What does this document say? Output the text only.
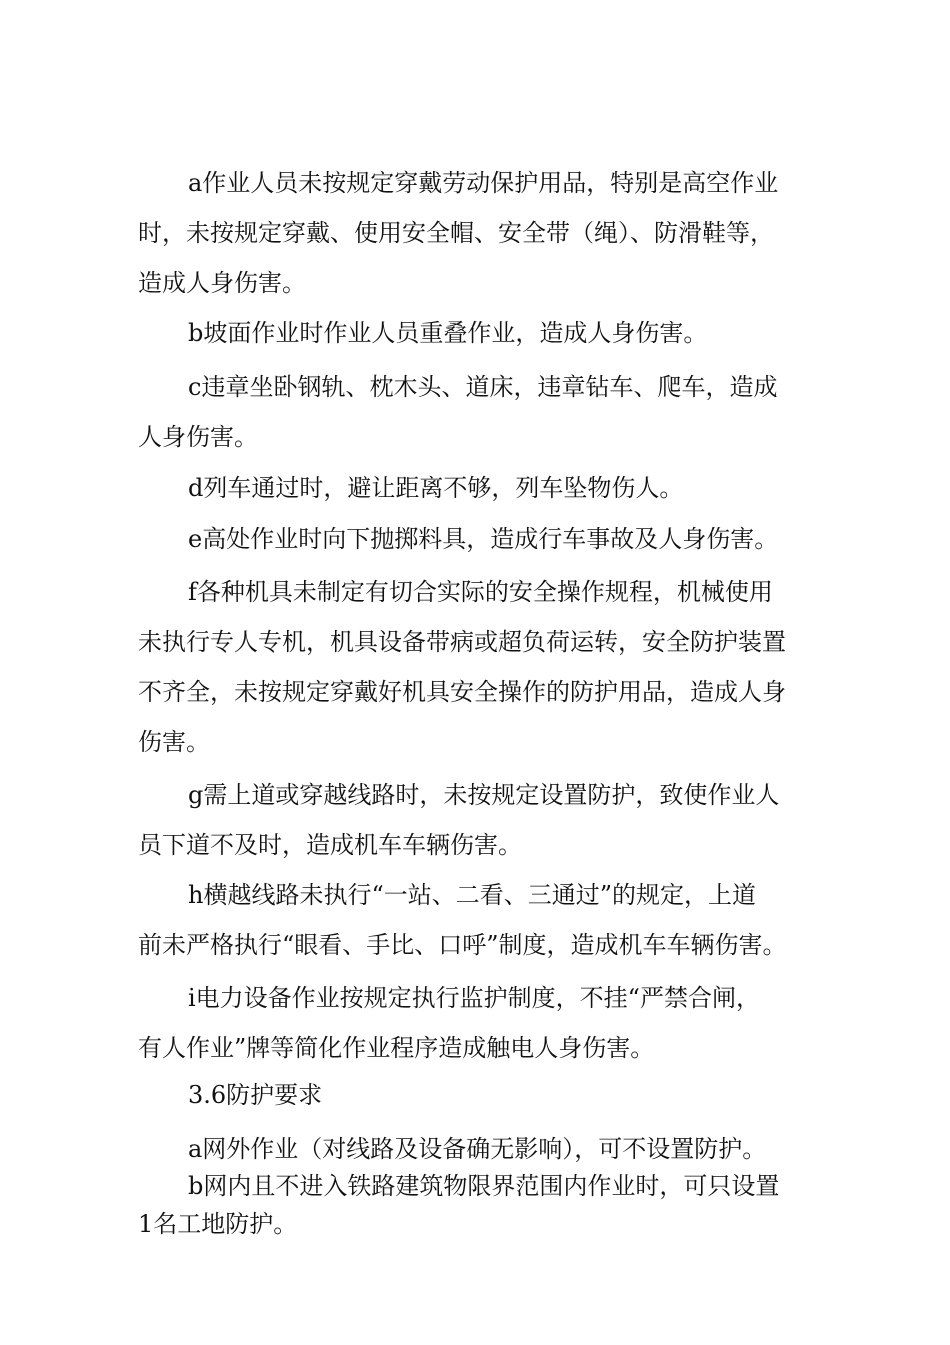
a作业人员未按规定穿戴劳动保护用品，特别是高空作业
时，未按规定穿戴、使用安全帽、安全带（绳）、防滑鞋等，
造成人身伤害。

b坡面作业时作业人员重叠作业，造成人身伤害。

c违章坐卧钢轨、枕木头、道床，违章钻车、爬车，造成
人身伤害。

d列车通过时，避让距离不够，列车坠物伤人。

e高处作业时向下抛掷料具，造成行车事故及人身伤害。

f各种机具未制定有切合实际的安全操作规程，机械使用
未执行专人专机，机具设备带病或超负荷运转，安全防护装置
不齐全，未按规定穿戴好机具安全操作的防护用品，造成人身
伤害。

g需上道或穿越线路时，未按规定设置防护，致使作业人
员下道不及时，造成机车车辆伤害。

h横越线路未执行“一站、二看、三通过”的规定，上道
前未严格执行“眼看、手比、口呼”制度，造成机车车辆伤害。

i电力设备作业按规定执行监护制度，不挂“严禁合闸，
有人作业”牌等简化作业程序造成触电人身伤害。

3.6防护要求

a网外作业（对线路及设备确无影响），可不设置防护。

b网内且不进入铁路建筑物限界范围内作业时，可只设置
1名工地防护。
